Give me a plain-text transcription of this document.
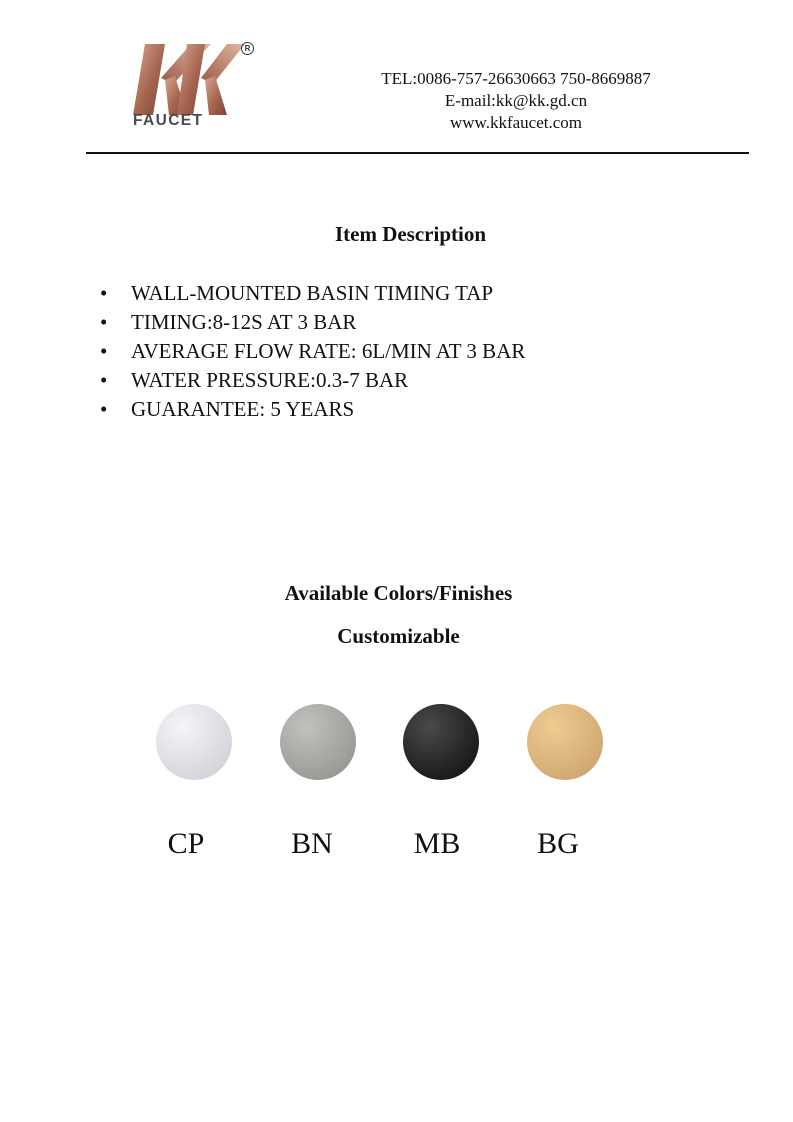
R
FAUCET
TEL:0086-757-26630663 750-8669887
E-mail:kk@kk.gd.cn
www.kkfaucet.com
Item Description
• WALL-MOUNTED BASIN TIMING TAP
• TIMING:8-12S AT 3 BAR
• AVERAGE FLOW RATE: 6L/MIN AT 3 BAR
• WATER PRESSURE:0.3-7 BAR
• GUARANTEE: 5 YEARS
Available Colors/Finishes
Customizable
CP	BN	MB	BG
